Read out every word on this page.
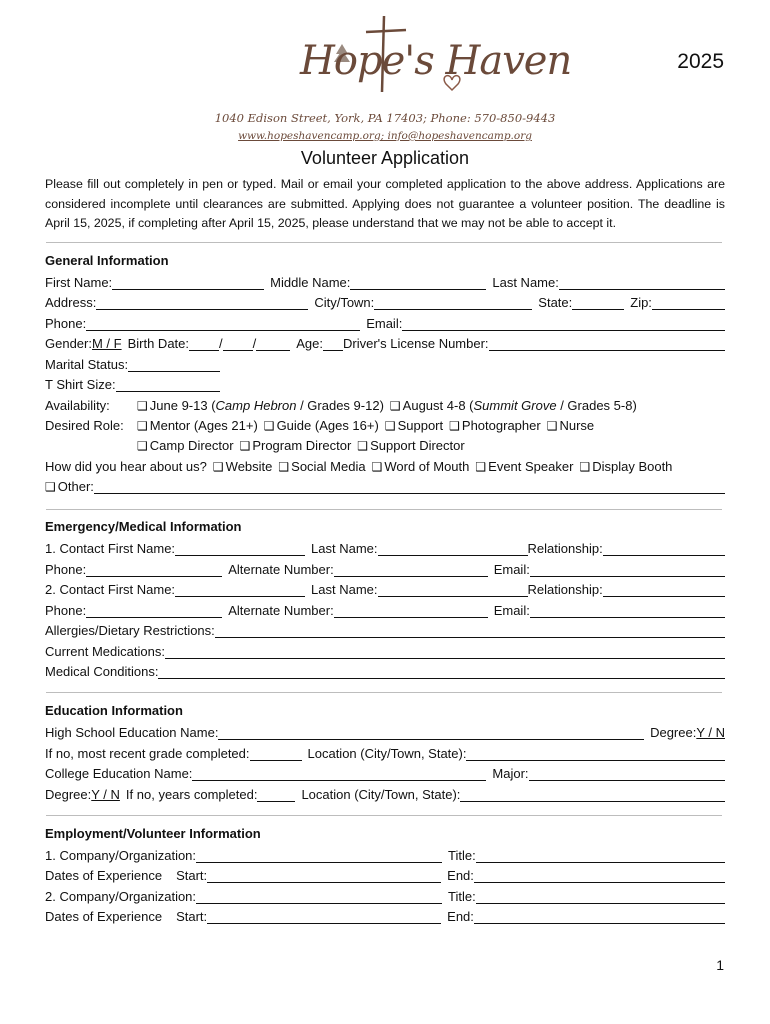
Hope's Haven	2025
1040 Edison Street, York, PA 17403; Phone: 570-850-9443
www.hopeshavencamp.org; info@hopeshavencamp.org
Volunteer Application
Please fill out completely in pen or typed. Mail or email your completed application to the above address. Applications are considered incomplete until clearances are submitted. Applying does not guarantee a volunteer position. The deadline is April 15, 2025, if completing after April 15, 2025, please understand that we may not be able to accept it.
General Information
First Name:	Middle Name:	Last Name:
Address:	City/Town:	State:	Zip:
Phone:	Email:
Gender: M / F Birth Date: / /	Age: Driver's License Number:
Marital Status:
T Shirt Size:
Availability:	❑ June 9-13 (Camp Hebron / Grades 9-12) ❑ August 4-8 (Summit Grove / Grades 5-8)
Desired Role:	❑ Mentor (Ages 21+) ❑ Guide (Ages 16+) ❑ Support ❑ Photographer ❑ Nurse
❑ Camp Director ❑ Program Director ❑ Support Director
How did you hear about us? ❑ Website ❑ Social Media ❑ Word of Mouth ❑ Event Speaker ❑ Display Booth
❑ Other:
Emergency/Medical Information
1. Contact First Name:	Last Name:	Relationship:
Phone:	Alternate Number:	Email:
2. Contact First Name:	Last Name:	Relationship:
Phone:	Alternate Number:	Email:
Allergies/Dietary Restrictions:
Current Medications:
Medical Conditions:
Education Information
High School Education Name:	Degree: Y / N
If no, most recent grade completed:	Location (City/Town, State):
College Education Name:	Major:
Degree: Y / N If no, years completed:	Location (City/Town, State):
Employment/Volunteer Information
1. Company/Organization:	Title:
Dates of Experience Start:	End:
2. Company/Organization:	Title:
Dates of Experience Start:	End:
1
